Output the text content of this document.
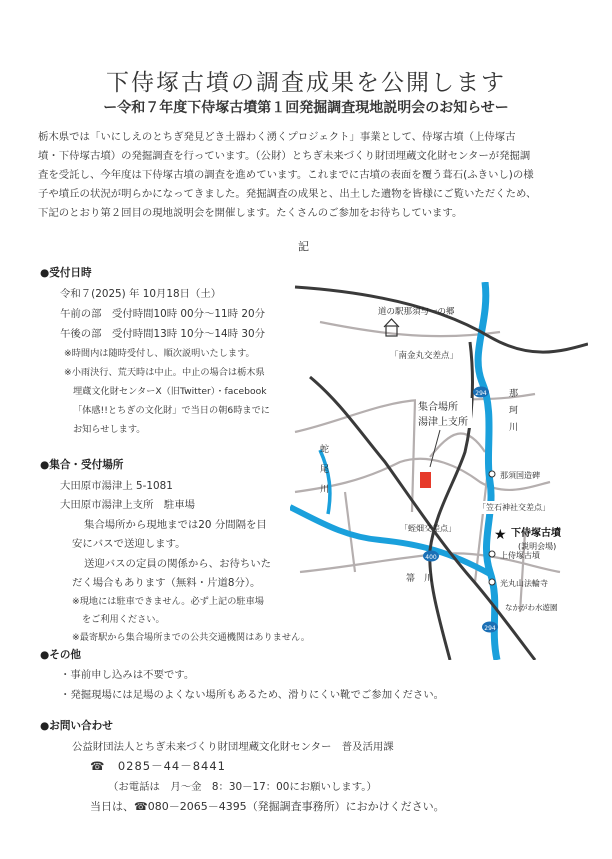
下侍塚古墳の調査成果を公開します
ー令和７年度下侍塚古墳第１回発掘調査現地説明会のお知らせー

栃木県では「いにしえのとちぎ発見どき土器わく湧くプロジェクト」事業として、侍塚古墳（上侍塚古

墳・下侍塚古墳）の発掘調査を行っています。（公財）とちぎ未来づくり財団埋蔵文化財センターが発掘調

査を受託し、今年度は下侍塚古墳の調査を進めています。これまでに古墳の表面を覆う葺石(ふきいし)の様

子や墳丘の状況が明らかになってきました。発掘調査の成果と、出土した遺物を皆様にご覧いただくため、

下記のとおり第２回目の現地説明会を開催します。たくさんのご参加をお待ちしています。

記
●受付日時
令和７(2025) 年 10月18日（土）
午前の部　受付時間10時 00分～11時 20分
午後の部　受付時間13時 10分～14時 30分
※時間内は随時受付し、順次説明いたします。
※小雨決行、荒天時は中止。中止の場合は栃木県
埋蔵文化財センターX（旧Twitter）・facebook
「体感!!とちぎの文化財」で当日の朝6時までに
お知らせします。
●集合・受付場所
大田原市湯津上 5-1081
大田原市湯津上支所　駐車場
集合場所から現地までは20 分間隔を目
安にバスで送迎します。
送迎バスの定員の関係から、お待ちいた
だく場合もあります（無料・片道8分）。
※現地には駐車できません。必ず上記の駐車場
をご利用ください。
※最寄駅から集合場所までの公共交通機関はありません。
●その他
・事前申し込みは不要です。
・発掘現場には足場のよくない場所もあるため、滑りにくい靴でご参加ください。
●お問い合わせ
公益財団法人とちぎ未来づくり財団埋蔵文化財センター　普及活用課
☎　0285－44－8441
（お電話は　月～金　8：30－17：00にお願いします。）
当日は、☎080－2065－4395（発掘調査事務所）におかけください。
道の駅那須与一の郷
「南金丸交差点」
那
珂
川
集合場所
湯津上支所
蛇
尾
川
那須国造碑
「笠石神社交差点」
「蛭畑交差点」	★ 下侍塚古墳
(説明会場)
上侍塚古墳
箒　川	光丸山法輪寺
なかがわ水遊園
294
400
294
